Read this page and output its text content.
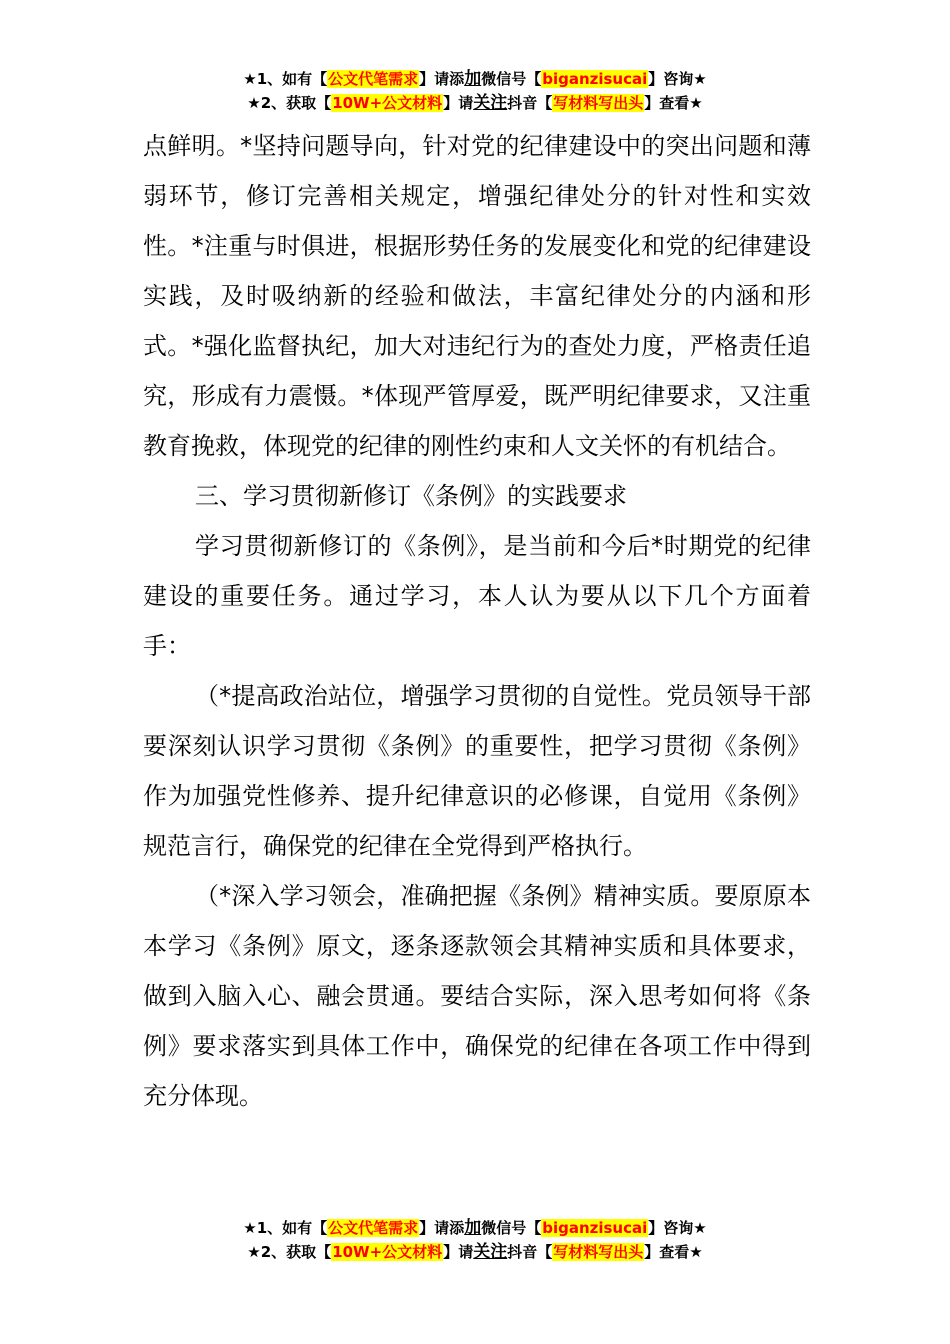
★1、如有【公文代笔需求】请添加微信号【biganzisucai】咨询★
★2、获取【10W+公文材料】请关注抖音【写材料写出头】查看★

点鲜明。*坚持问题导向，针对党的纪律建设中的突出问题和薄弱环节，修订完善相关规定，增强纪律处分的针对性和实效性。*注重与时俱进，根据形势任务的发展变化和党的纪律建设实践，及时吸纳新的经验和做法，丰富纪律处分的内涵和形式。*强化监督执纪，加大对违纪行为的查处力度，严格责任追究，形成有力震慑。*体现严管厚爱，既严明纪律要求，又注重教育挽救，体现党的纪律的刚性约束和人文关怀的有机结合。

三、学习贯彻新修订《条例》的实践要求

学习贯彻新修订的《条例》，是当前和今后*时期党的纪律建设的重要任务。通过学习，本人认为要从以下几个方面着手：

（*提高政治站位，增强学习贯彻的自觉性。党员领导干部要深刻认识学习贯彻《条例》的重要性，把学习贯彻《条例》作为加强党性修养、提升纪律意识的必修课，自觉用《条例》规范言行，确保党的纪律在全党得到严格执行。

（*深入学习领会，准确把握《条例》精神实质。要原原本本学习《条例》原文，逐条逐款领会其精神实质和具体要求，做到入脑入心、融会贯通。要结合实际，深入思考如何将《条例》要求落实到具体工作中，确保党的纪律在各项工作中得到充分体现。

★1、如有【公文代笔需求】请添加微信号【biganzisucai】咨询★
★2、获取【10W+公文材料】请关注抖音【写材料写出头】查看★
